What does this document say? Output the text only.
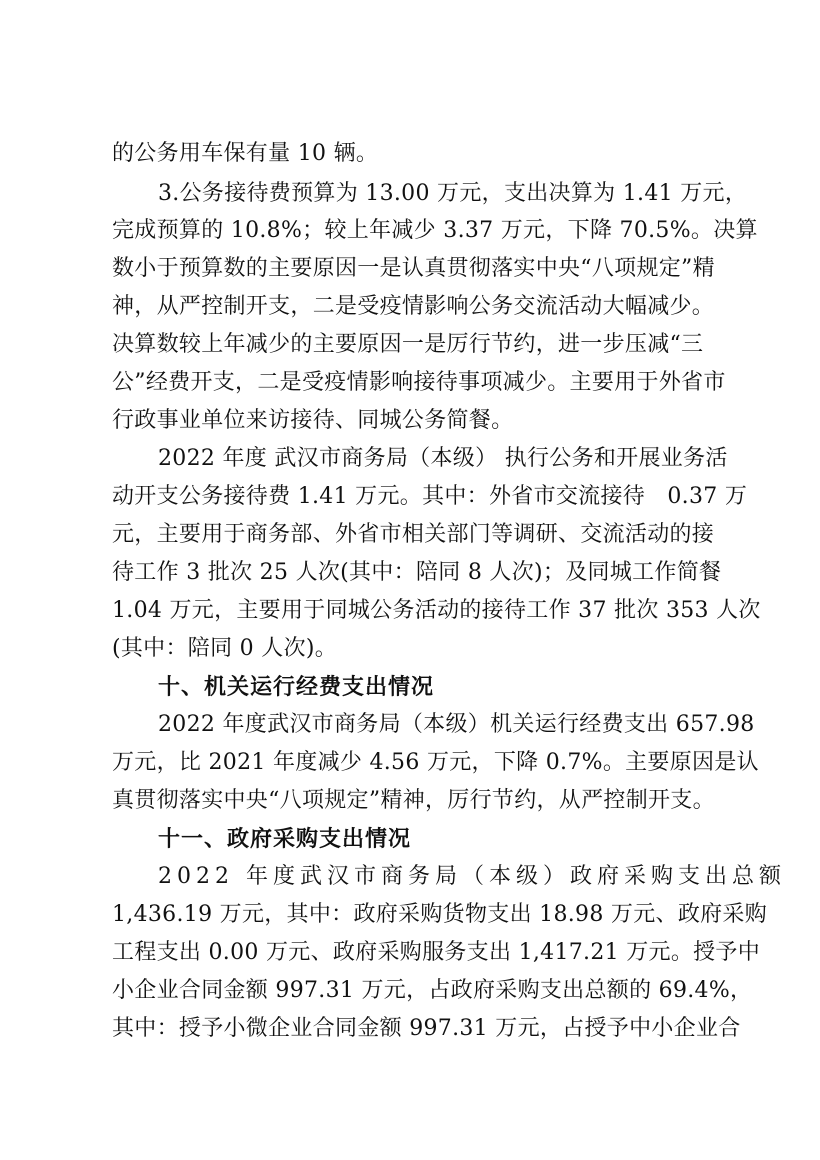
的公务用车保有量 10 辆。
3.公务接待费预算为 13.00 万元，支出决算为 1.41 万元，
完成预算的 10.8%；较上年减少 3.37 万元，下降 70.5%。决算
数小于预算数的主要原因一是认真贯彻落实中央“八项规定”精
神，从严控制开支，二是受疫情影响公务交流活动大幅减少。
决算数较上年减少的主要原因一是厉行节约，进一步压减“三
公”经费开支，二是受疫情影响接待事项减少。主要用于外省市
行政事业单位来访接待、同城公务简餐。
2022 年度 武汉市商务局（本级） 执行公务和开展业务活
动开支公务接待费 1.41 万元。其中：外省市交流接待　0.37 万
元，主要用于商务部、外省市相关部门等调研、交流活动的接
待工作 3 批次 25 人次(其中：陪同 8 人次)；及同城工作简餐
1.04 万元，主要用于同城公务活动的接待工作 37 批次 353 人次
(其中：陪同 0 人次)。
十、机关运行经费支出情况
2022 年度武汉市商务局（本级）机关运行经费支出 657.98
万元，比 2021 年度减少 4.56 万元，下降 0.7%。主要原因是认
真贯彻落实中央“八项规定”精神，厉行节约，从严控制开支。
十一、政府采购支出情况
2022 年度武汉市商务局（本级）政府采购支出总额
1,436.19 万元，其中：政府采购货物支出 18.98 万元、政府采购
工程支出 0.00 万元、政府采购服务支出 1,417.21 万元。授予中
小企业合同金额 997.31 万元，占政府采购支出总额的 69.4%，
其中：授予小微企业合同金额 997.31 万元，占授予中小企业合
